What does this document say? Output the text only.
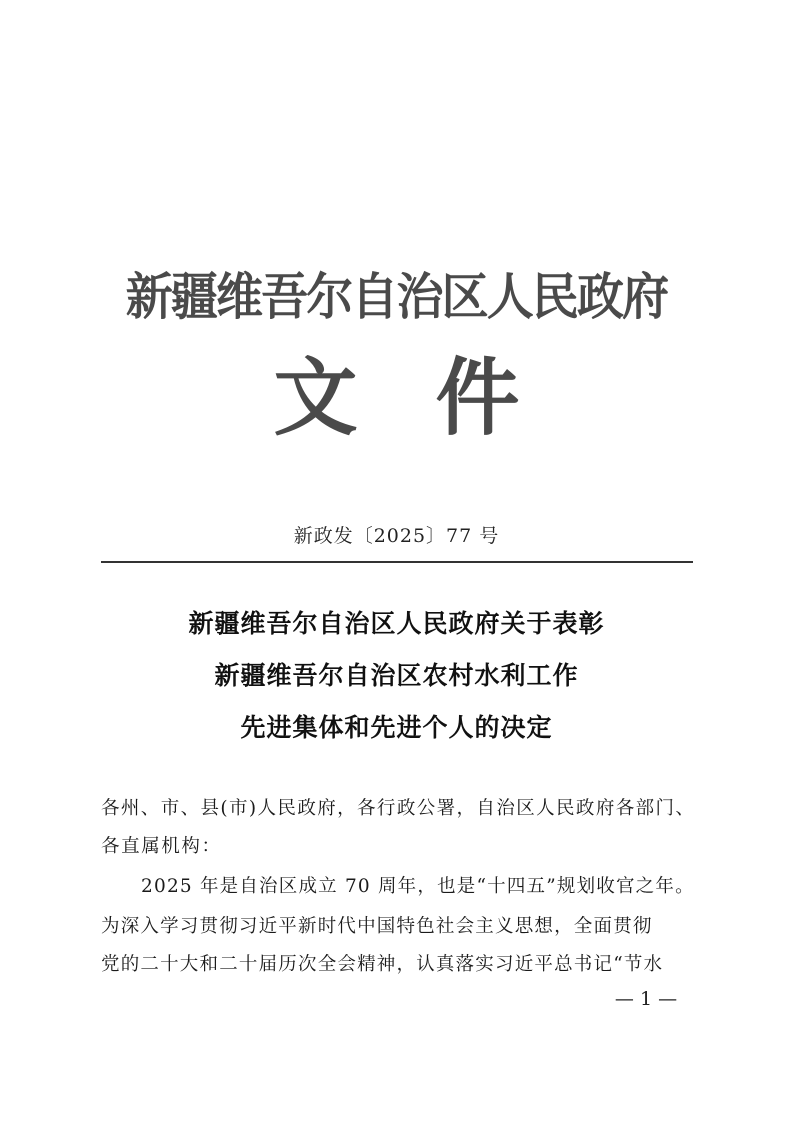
新疆维吾尔自治区人民政府
文件
新政发〔2025〕77 号
新疆维吾尔自治区人民政府关于表彰
新疆维吾尔自治区农村水利工作
先进集体和先进个人的决定
各州、市、县(市)人民政府，各行政公署，自治区人民政府各部门、
各直属机构：
2025 年是自治区成立 70 周年，也是“十四五”规划收官之年。
为深入学习贯彻习近平新时代中国特色社会主义思想，全面贯彻
党的二十大和二十届历次全会精神，认真落实习近平总书记“节水
— 1 —
